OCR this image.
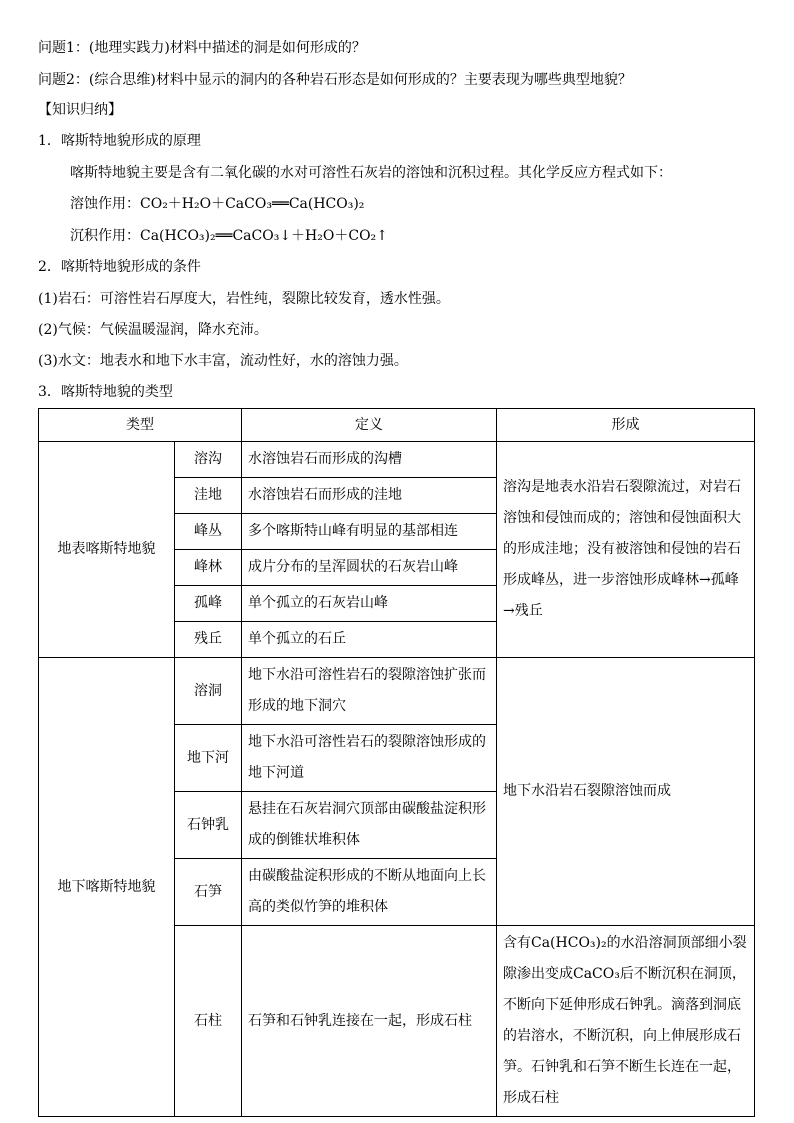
问题1：(地理实践力)材料中描述的洞是如何形成的？
问题2：(综合思维)材料中显示的洞内的各种岩石形态是如何形成的？主要表现为哪些典型地貌？
【知识归纳】
1．喀斯特地貌形成的原理
喀斯特地貌主要是含有二氧化碳的水对可溶性石灰岩的溶蚀和沉积过程。其化学反应方程式如下：
溶蚀作用：CO₂＋H₂O＋CaCO₃══Ca(HCO₃)₂
沉积作用：Ca(HCO₃)₂══CaCO₃↓＋H₂O＋CO₂↑
2．喀斯特地貌形成的条件
(1)岩石：可溶性岩石厚度大，岩性纯，裂隙比较发育，透水性强。
(2)气候：气候温暖湿润，降水充沛。
(3)水文：地表水和地下水丰富，流动性好，水的溶蚀力强。
3．喀斯特地貌的类型
类型		定义	形成
地表喀斯特地貌	溶沟	水溶蚀岩石而形成的沟槽	溶沟是地表水沿岩石裂隙流过，对岩石溶蚀和侵蚀而成的；溶蚀和侵蚀面积大的形成洼地；没有被溶蚀和侵蚀的岩石形成峰丛，进一步溶蚀形成峰林→孤峰→残丘
	洼地	水溶蚀岩石而形成的洼地	
	峰丛	多个喀斯特山峰有明显的基部相连	
	峰林	成片分布的呈浑圆状的石灰岩山峰	
	孤峰	单个孤立的石灰岩山峰	
	残丘	单个孤立的石丘	
地下喀斯特地貌	溶洞	地下水沿可溶性岩石的裂隙溶蚀扩张而形成的地下洞穴	地下水沿岩石裂隙溶蚀而成
	地下河	地下水沿可溶性岩石的裂隙溶蚀形成的地下河道	
	石钟乳	悬挂在石灰岩洞穴顶部由碳酸盐淀积形成的倒锥状堆积体	
	石笋	由碳酸盐淀积形成的不断从地面向上长高的类似竹笋的堆积体	
	石柱	石笋和石钟乳连接在一起，形成石柱	含有Ca(HCO₃)₂的水沿溶洞顶部细小裂隙渗出变成CaCO₃后不断沉积在洞顶，不断向下延伸形成石钟乳。滴落到洞底的岩溶水，不断沉积，向上伸展形成石笋。石钟乳和石笋不断生长连在一起，形成石柱
